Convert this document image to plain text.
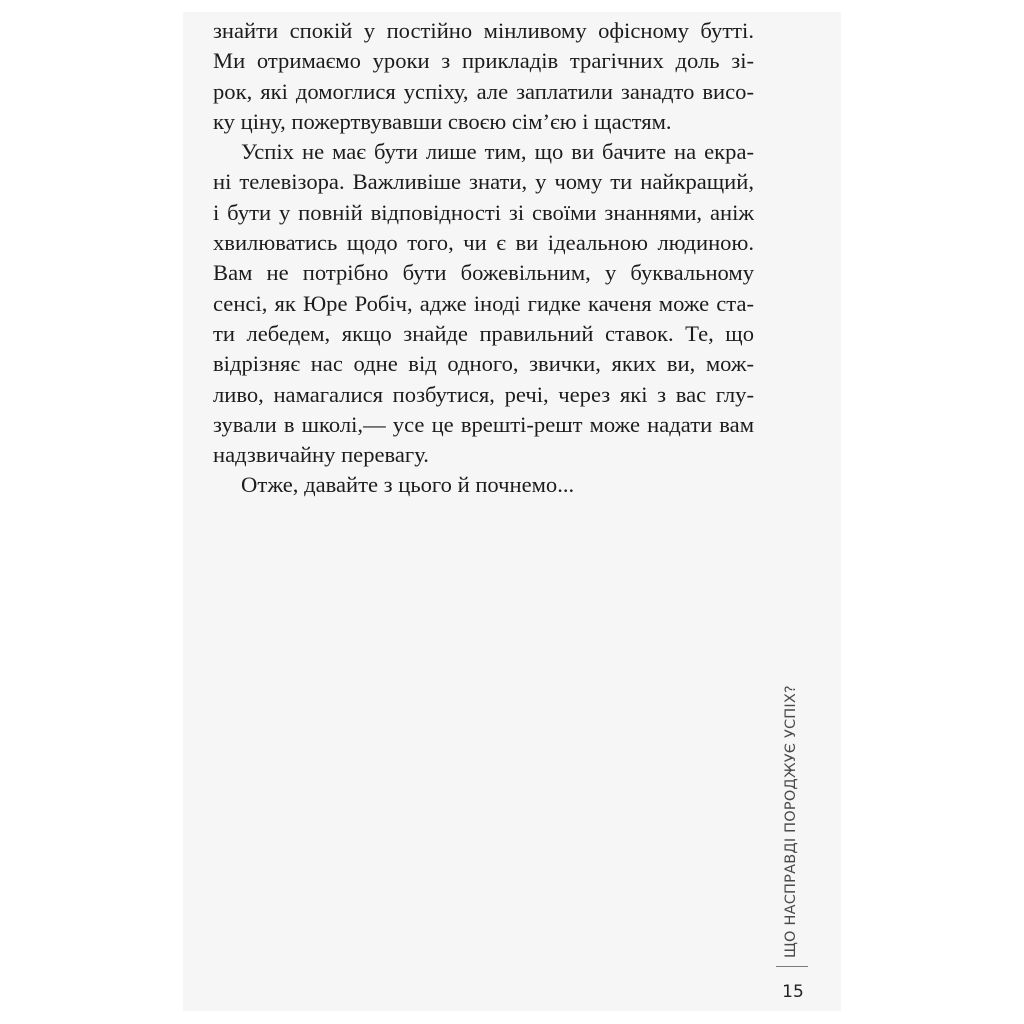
знайти спокій у постійно мінливому офісному бутті.
Ми отримаємо уроки з прикладів трагічних доль зі-
рок, які домоглися успіху, але заплатили занадто висо-
ку ціну, пожертвувавши своєю сім’єю і щастям.
Успіх не має бути лише тим, що ви бачите на екра-
ні телевізора. Важливіше знати, у чому ти найкращий,
і бути у повній відповідності зі своїми знаннями, аніж
хвилюватись щодо того, чи є ви ідеальною людиною.
Вам не потрібно бути божевільним, у буквальному
сенсі, як Юре Робіч, адже іноді гидке каченя може ста-
ти лебедем, якщо знайде правильний ставок. Те, що
відрізняє нас одне від одного, звички, яких ви, мож-
ливо, намагалися позбутися, речі, через які з вас глу-
зували в школі,— усе це врешті-решт може надати вам
надзвичайну перевагу.
Отже, давайте з цього й почнемо...
ЩО НАСПРАВДІ ПОРОДЖУЄ УСПІХ?
15
